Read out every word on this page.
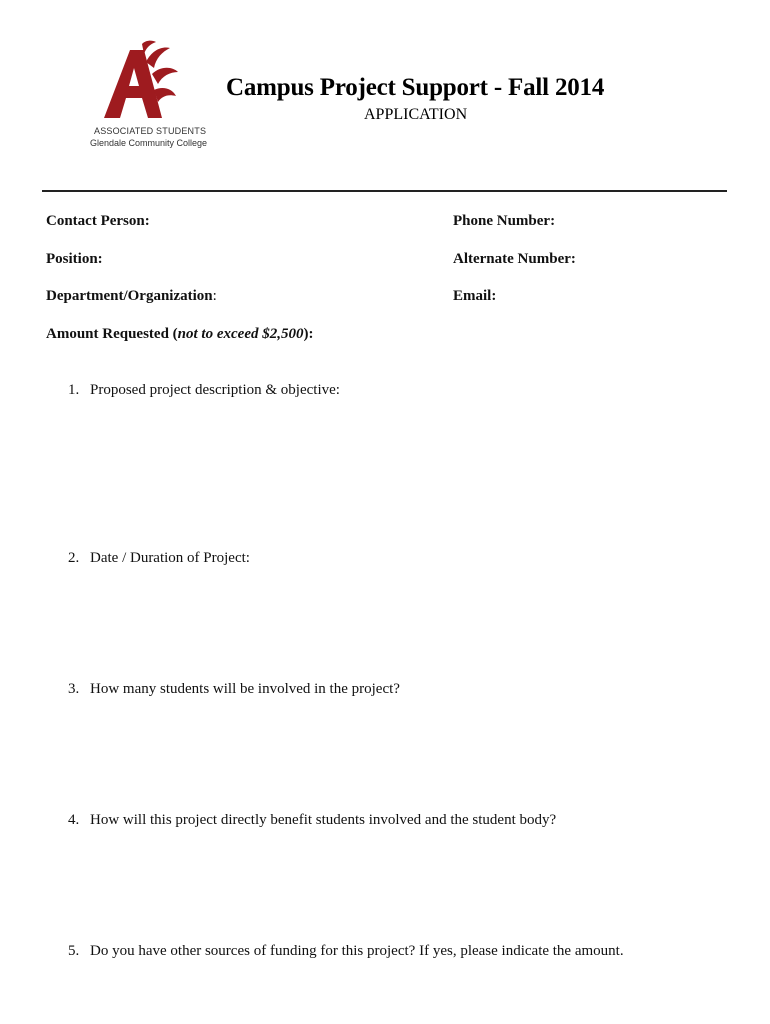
ASSOCIATED STUDENTS
Glendale Community College
Campus Project Support - Fall 2014
APPLICATION
Contact Person:	Phone Number:
Position:	Alternate Number:
Department/Organization:	Email:
Amount Requested (not to exceed $2,500):
1. Proposed project description & objective:
2. Date / Duration of Project:
3. How many students will be involved in the project?
4. How will this project directly benefit students involved and the student body?
5. Do you have other sources of funding for this project? If yes, please indicate the amount.
